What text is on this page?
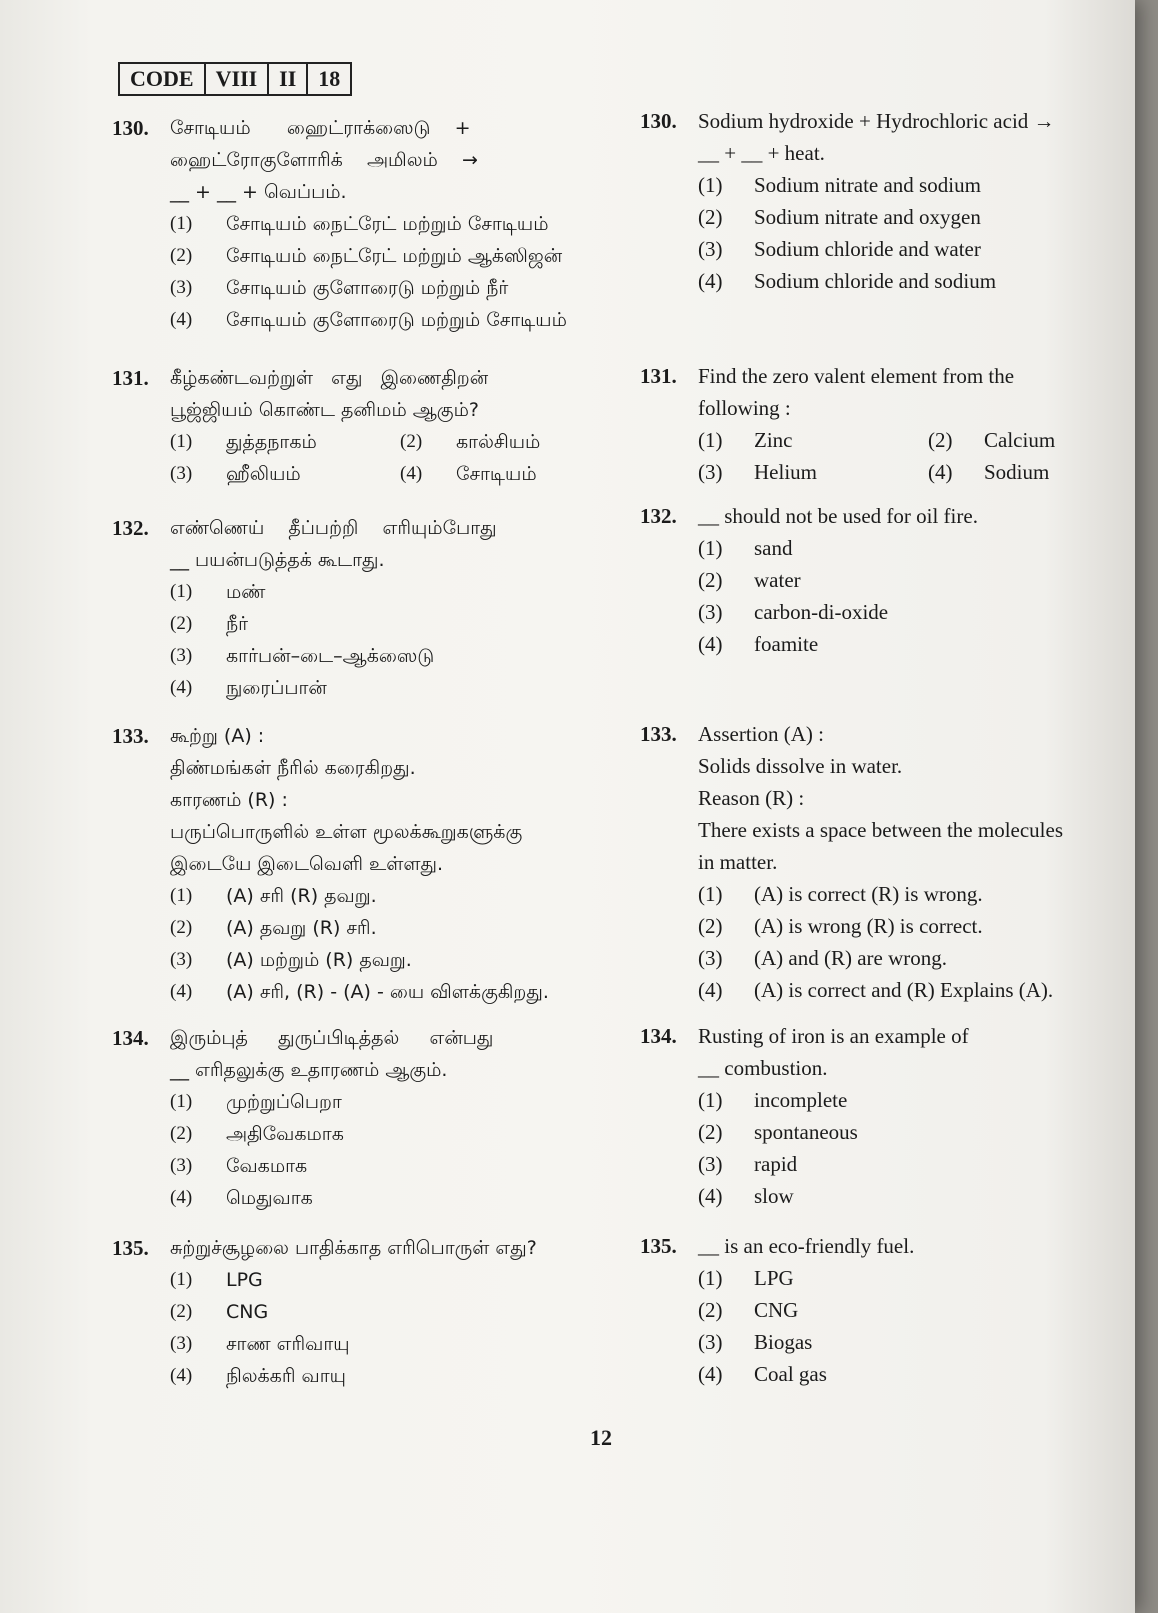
CODE	VIII	II	18
130. சோடியம்      ஹைட்ராக்ஸைடு    +
ஹைட்ரோகுளோரிக்    அமிலம்    →
__ + __ + வெப்பம்.
(1)	சோடியம் நைட்ரேட் மற்றும் சோடியம்
(2)	சோடியம் நைட்ரேட் மற்றும் ஆக்ஸிஜன்
(3)	சோடியம் குளோரைடு மற்றும் நீர்
(4)	சோடியம் குளோரைடு மற்றும் சோடியம்
131. கீழ்கண்டவற்றுள்   எது   இணைதிறன்
பூஜ்ஜியம் கொண்ட தனிமம் ஆகும்?
(1)	துத்தநாகம்	(2)	கால்சியம்
(3)	ஹீலியம்	(4)	சோடியம்
132. எண்ணெய்    தீப்பற்றி    எரியும்போது
__ பயன்படுத்தக் கூடாது.
(1)	மண்
(2)	நீர்
(3)	கார்பன்–டை–ஆக்ஸைடு
(4)	நுரைப்பான்
133. கூற்று (A) :
திண்மங்கள் நீரில் கரைகிறது.
காரணம் (R) :
பருப்பொருளில் உள்ள மூலக்கூறுகளுக்கு
இடையே இடைவெளி உள்ளது.
(1)	(A) சரி (R) தவறு.
(2)	(A) தவறு (R) சரி.
(3)	(A) மற்றும் (R) தவறு.
(4)	(A) சரி, (R) - (A) - யை விளக்குகிறது.
134. இரும்புத்     துருப்பிடித்தல்     என்பது
__ எரிதலுக்கு உதாரணம் ஆகும்.
(1)	முற்றுப்பெறா
(2)	அதிவேகமாக
(3)	வேகமாக
(4)	மெதுவாக
135. சுற்றுச்சூழலை பாதிக்காத எரிபொருள் எது?
(1)	LPG
(2)	CNG
(3)	சாண எரிவாயு
(4)	நிலக்கரி வாயு
130. Sodium hydroxide + Hydrochloric acid →
__ + __ + heat.
(1)	Sodium nitrate and sodium
(2)	Sodium nitrate and oxygen
(3)	Sodium chloride and water
(4)	Sodium chloride and sodium
131. Find the zero valent element from the
following :
(1)	Zinc	(2)	Calcium
(3)	Helium	(4)	Sodium
132. __ should not be used for oil fire.
(1)	sand
(2)	water
(3)	carbon-di-oxide
(4)	foamite
133. Assertion (A) :
Solids dissolve in water.
Reason (R) :
There exists a space between the molecules
in matter.
(1)	(A) is correct (R) is wrong.
(2)	(A) is wrong (R) is correct.
(3)	(A) and (R) are wrong.
(4)	(A) is correct and (R) Explains (A).
134. Rusting of iron is an example of
__ combustion.
(1)	incomplete
(2)	spontaneous
(3)	rapid
(4)	slow
135. __ is an eco-friendly fuel.
(1)	LPG
(2)	CNG
(3)	Biogas
(4)	Coal gas
12
